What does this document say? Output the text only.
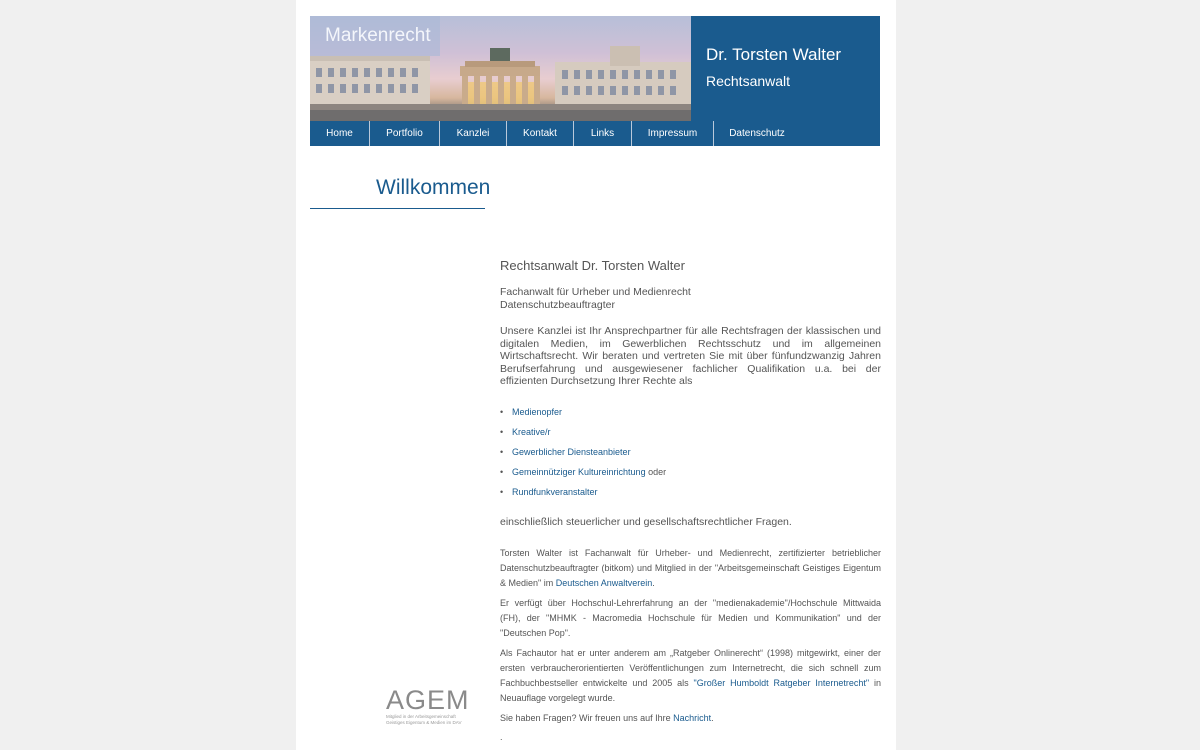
Markenrecht
Dr. Torsten Walter
Rechtsanwalt
Home	Portfolio	Kanzlei	Kontakt	Links	Impressum	Datenschutz
Willkommen

Rechtsanwalt Dr. Torsten Walter

Fachanwalt für Urheber und Medienrecht
Datenschutzbeauftragter

Unsere Kanzlei ist Ihr Ansprechpartner für alle Rechtsfragen der klassischen und digitalen Medien, im Gewerblichen Rechtsschutz und im allgemeinen Wirtschaftsrecht. Wir beraten und vertreten Sie mit über fünfundzwanzig Jahren Berufserfahrung und ausgewiesener fachlicher Qualifikation u.a. bei der effizienten Durchsetzung Ihrer Rechte als

• Medienopfer
• Kreative/r
• Gewerblicher Diensteanbieter
• Gemeinnütziger Kultureinrichtung oder
• Rundfunkveranstalter

einschließlich steuerlicher und gesellschaftsrechtlicher Fragen.

Torsten Walter ist Fachanwalt für Urheber- und Medienrecht, zertifizierter betrieblicher Datenschutzbeauftragter (bitkom) und Mitglied in der "Arbeitsgemeinschaft Geistiges Eigentum & Medien" im Deutschen Anwaltverein.

Er verfügt über Hochschul-Lehrerfahrung an der "medienakademie"/Hochschule Mittwaida (FH), der "MHMK - Macromedia Hochschule für Medien und Kommunikation" und der "Deutschen Pop".

Als Fachautor hat er unter anderem am „Ratgeber Onlinerecht“ (1998) mitgewirkt, einer der ersten verbraucherorientierten Veröffentlichungen zum Internetrecht, die sich schnell zum Fachbuchbestseller entwickelte und 2005 als "Großer Humboldt Ratgeber Internetrecht" in Neuauflage vorgelegt wurde.

Sie haben Fragen? Wir freuen uns auf Ihre Nachricht.

.

AGEM
Mitglied in der Arbeitsgemeinschaft
Geistiges Eigentum & Medien im DAV
